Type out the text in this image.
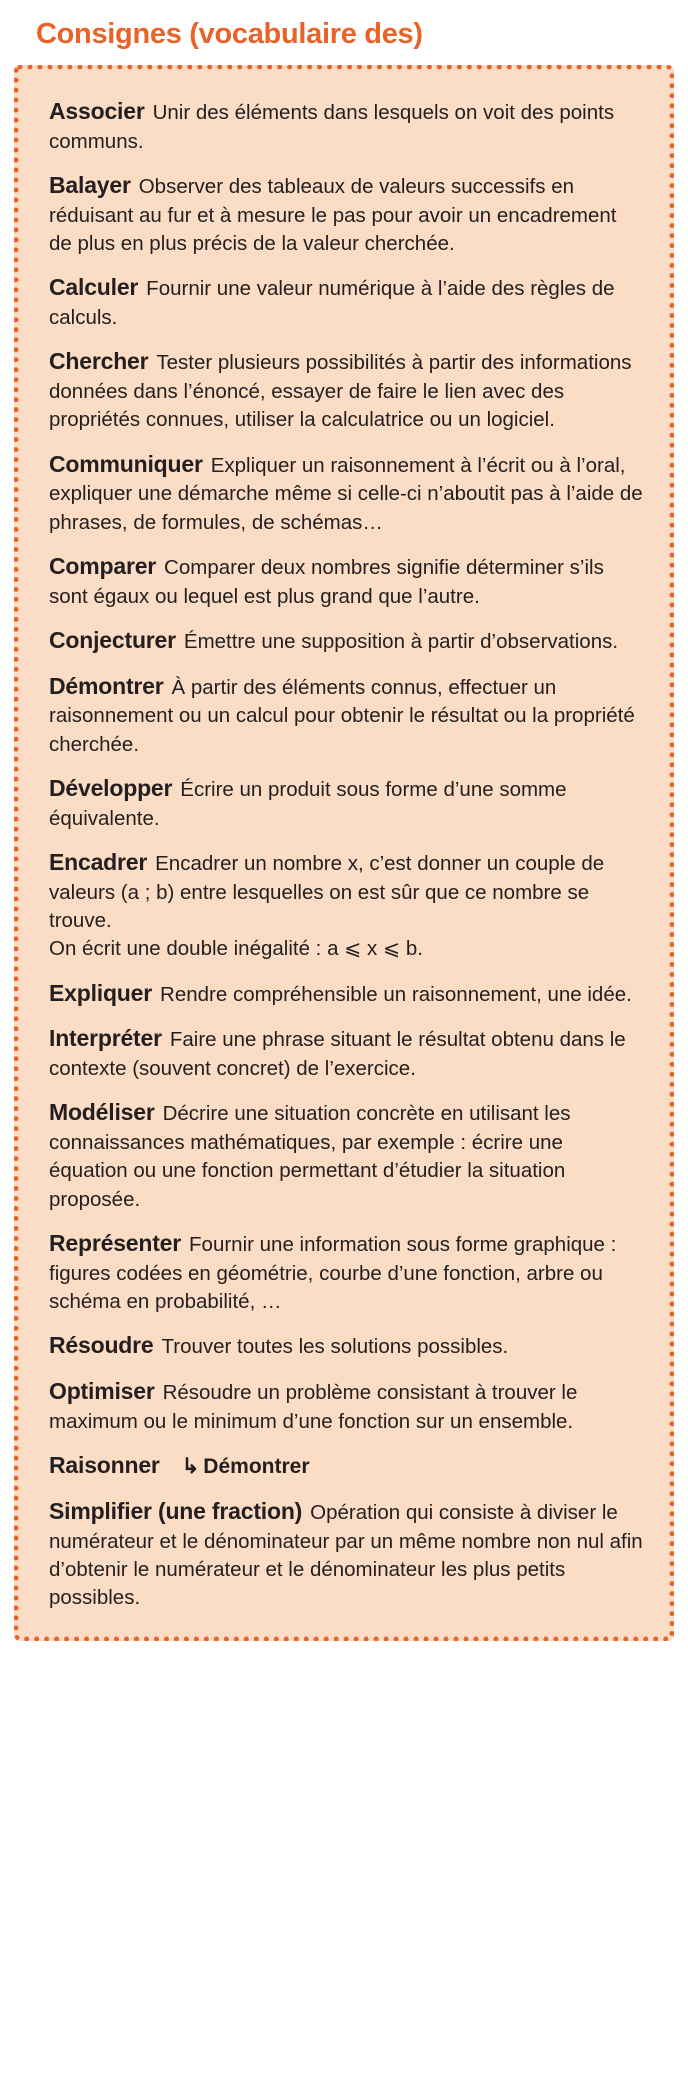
Consignes (vocabulaire des)

Associer Unir des éléments dans lesquels on voit des points communs.

Balayer Observer des tableaux de valeurs successifs en réduisant au fur et à mesure le pas pour avoir un encadrement de plus en plus précis de la valeur cherchée.

Calculer Fournir une valeur numérique à l’aide des règles de calculs.

Chercher Tester plusieurs possibilités à partir des informations données dans l’énoncé, essayer de faire le lien avec des propriétés connues, utiliser la calculatrice ou un logiciel.

Communiquer Expliquer un raisonnement à l’écrit ou à l’oral, expliquer une démarche même si celle-ci n’aboutit pas à l’aide de phrases, de formules, de schémas…

Comparer Comparer deux nombres signifie déterminer s’ils sont égaux ou lequel est plus grand que l’autre.

Conjecturer Émettre une supposition à partir d’observations.

Démontrer À partir des éléments connus, effectuer un raisonnement ou un calcul pour obtenir le résultat ou la propriété cherchée.

Développer Écrire un produit sous forme d’une somme équivalente.

Encadrer Encadrer un nombre x, c’est donner un couple de valeurs (a ; b) entre lesquelles on est sûr que ce nombre se trouve.
On écrit une double inégalité : a ⩽ x ⩽ b.

Expliquer Rendre compréhensible un raisonnement, une idée.

Interpréter Faire une phrase situant le résultat obtenu dans le contexte (souvent concret) de l’exercice.

Modéliser Décrire une situation concrète en utilisant les connaissances mathématiques, par exemple : écrire une équation ou une fonction permettant d’étudier la situation proposée.

Représenter Fournir une information sous forme graphique : figures codées en géométrie, courbe d’une fonction, arbre ou schéma en probabilité, …

Résoudre Trouver toutes les solutions possibles.

Optimiser Résoudre un problème consistant à trouver le maximum ou le minimum d’une fonction sur un ensemble.

Raisonner ↳ Démontrer

Simplifier (une fraction) Opération qui consiste à diviser le numérateur et le dénominateur par un même nombre non nul afin d’obtenir le numérateur et le dénominateur les plus petits possibles.
